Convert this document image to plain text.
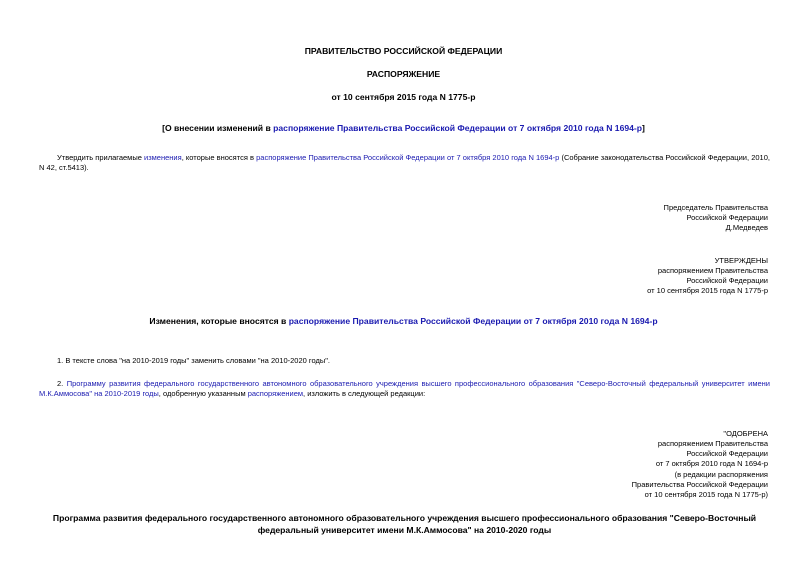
ПРАВИТЕЛЬСТВО РОССИЙСКОЙ ФЕДЕРАЦИИ
РАСПОРЯЖЕНИЕ
от 10 сентября 2015 года N 1775-р
[О внесении изменений в распоряжение Правительства Российской Федерации от 7 октября 2010 года N 1694-р]
Утвердить прилагаемые изменения, которые вносятся в распоряжение Правительства Российской Федерации от 7 октября 2010 года N 1694-р (Собрание законодательства Российской Федерации, 2010, N 42, ст.5413).
Председатель Правительства
Российской Федерации
Д.Медведев
УТВЕРЖДЕНЫ
распоряжением Правительства
Российской Федерации
от 10 сентября 2015 года N 1775-р
Изменения, которые вносятся в распоряжение Правительства Российской Федерации от 7 октября 2010 года N 1694-р
1. В тексте слова "на 2010-2019 годы" заменить словами "на 2010-2020 годы".
2. Программу развития федерального государственного автономного образовательного учреждения высшего профессионального образования "Северо-Восточный федеральный университет имени М.К.Аммосова" на 2010-2019 годы, одобренную указанным распоряжением, изложить в следующей редакции:
"ОДОБРЕНА
распоряжением Правительства
Российской Федерации
от 7 октября 2010 года N 1694-р
(в редакции распоряжения
Правительства Российской Федерации
от 10 сентября 2015 года N 1775-р)
Программа развития федерального государственного автономного образовательного учреждения высшего профессионального образования "Северо-Восточный федеральный университет имени М.К.Аммосова" на 2010-2020 годы
